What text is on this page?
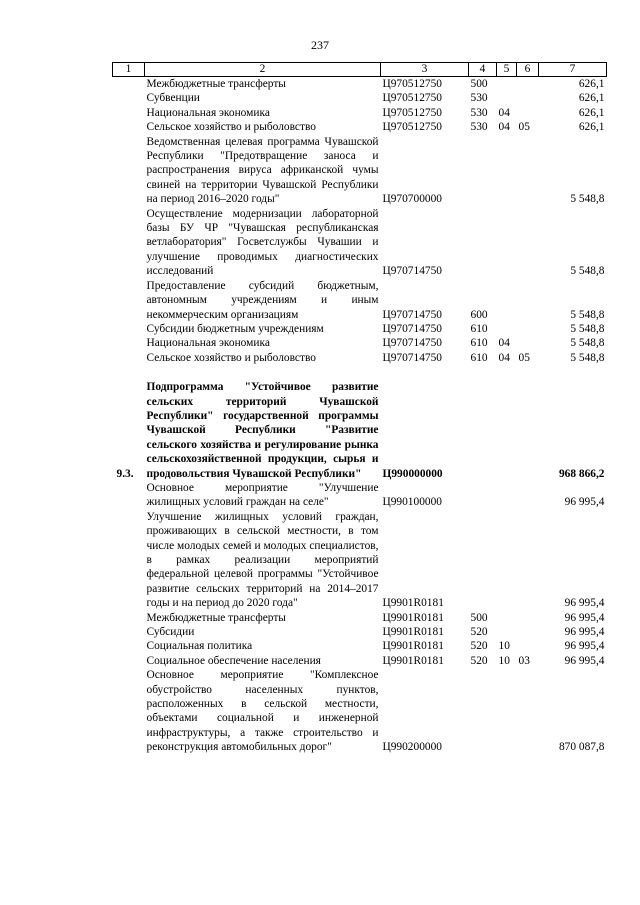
237
1	2	3	4	5	6	7
	Межбюджетные трансферты	Ц970512750	500			626,1
	Субвенции	Ц970512750	530			626,1
	Национальная экономика	Ц970512750	530	04		626,1
	Сельское хозяйство и рыболовство	Ц970512750	530	04	05	626,1
	Ведомственная целевая программа Чувашской Республики "Предотвращение заноса и распространения вируса африканской чумы свиней на территории Чувашской Республики на период 2016–2020 годы"	Ц970700000				5 548,8
	Осуществление модернизации лабораторной базы БУ ЧР "Чувашская республиканская ветлаборатория" Госветслужбы Чувашии и улучшение проводимых диагностических исследований	Ц970714750				5 548,8
	Предоставление субсидий бюджетным, автономным учреждениям и иным некоммерческим организациям	Ц970714750	600			5 548,8
	Субсидии бюджетным учреждениям	Ц970714750	610			5 548,8
	Национальная экономика	Ц970714750	610	04		5 548,8
	Сельское хозяйство и рыболовство	Ц970714750	610	04	05	5 548,8

9.3.	Подпрограмма "Устойчивое развитие сельских территорий Чувашской Республики" государственной программы Чувашской Республики "Развитие сельского хозяйства и регулирование рынка сельскохозяйственной продукции, сырья и продовольствия Чувашской Республики"	Ц990000000				968 866,2
	Основное мероприятие "Улучшение жилищных условий граждан на селе"	Ц990100000				96 995,4
	Улучшение жилищных условий граждан, проживающих в сельской местности, в том числе молодых семей и молодых специалистов, в рамках реализации мероприятий федеральной целевой программы "Устойчивое развитие сельских территорий на 2014–2017 годы и на период до 2020 года"	Ц9901R0181				96 995,4
	Межбюджетные трансферты	Ц9901R0181	500			96 995,4
	Субсидии	Ц9901R0181	520			96 995,4
	Социальная политика	Ц9901R0181	520	10		96 995,4
	Социальное обеспечение населения	Ц9901R0181	520	10	03	96 995,4
	Основное мероприятие "Комплексное обустройство населенных пунктов, расположенных в сельской местности, объектами социальной и инженерной инфраструктуры, а также строительство и реконструкция автомобильных дорог"	Ц990200000				870 087,8
